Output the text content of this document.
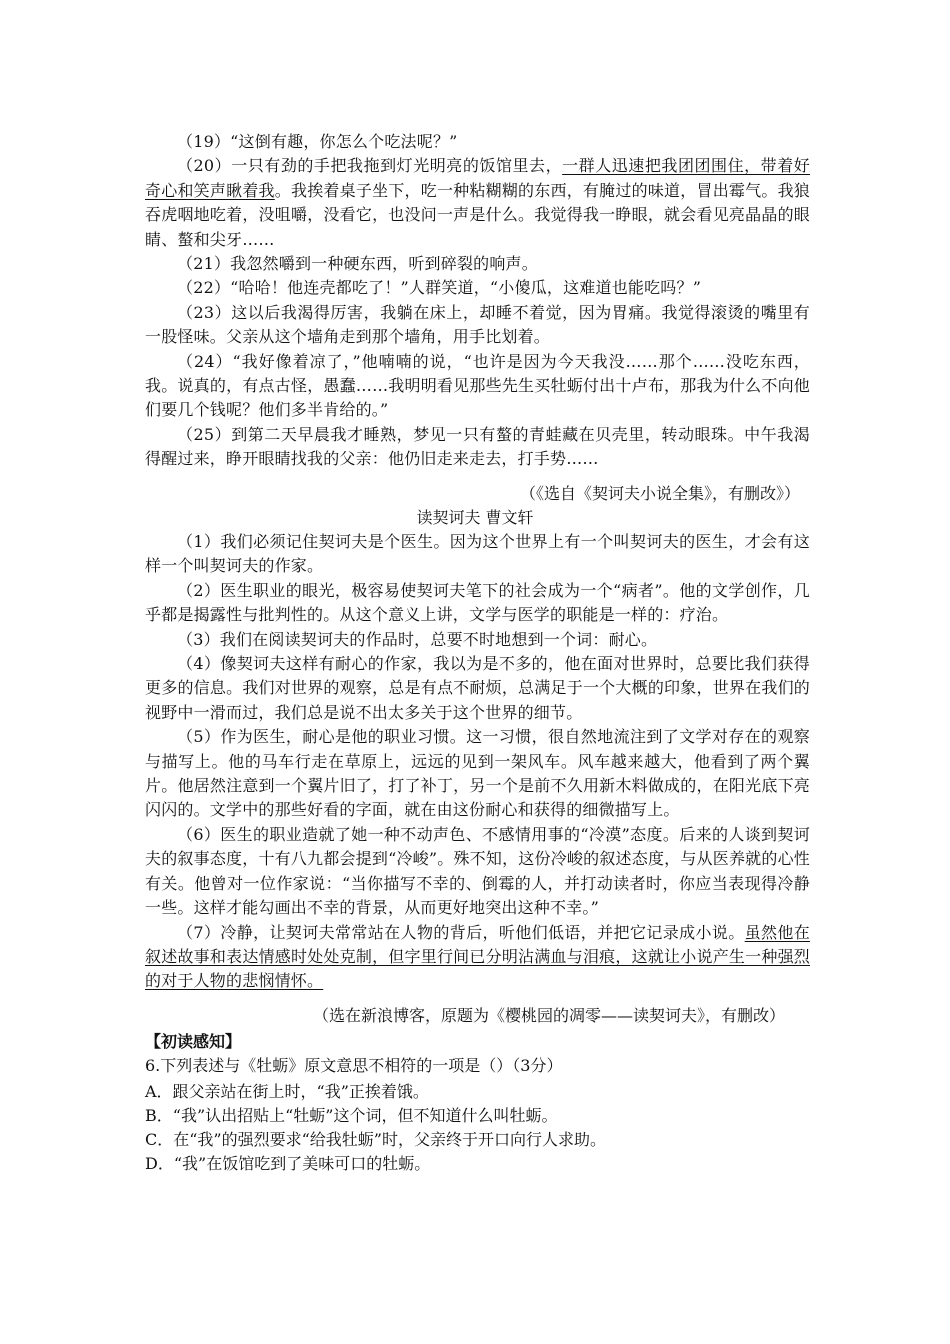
（19）“这倒有趣，你怎么个吃法呢？”

（20）一只有劲的手把我拖到灯光明亮的饭馆里去，一群人迅速把我团团围住，带着好奇心和笑声瞅着我。我挨着桌子坐下，吃一种粘糊糊的东西，有腌过的味道，冒出霉气。我狼吞虎咽地吃着，没咀嚼，没看它，也没问一声是什么。我觉得我一睁眼，就会看见亮晶晶的眼睛、螯和尖牙……

（21）我忽然嚼到一种硬东西，听到碎裂的响声。

（22）“哈哈！他连壳都吃了！”人群笑道，“小傻瓜，这难道也能吃吗？”

（23）这以后我渴得厉害，我躺在床上，却睡不着觉，因为胃痛。我觉得滚烫的嘴里有一股怪味。父亲从这个墙角走到那个墙角，用手比划着。

（24）“我好像着凉了，”他喃喃的说，“也许是因为今天我没……那个……没吃东西，我。说真的，有点古怪，愚蠢……我明明看见那些先生买牡蛎付出十卢布，那我为什么不向他们要几个钱呢？他们多半肯给的。”

（25）到第二天早晨我才睡熟，梦见一只有螯的青蛙藏在贝壳里，转动眼珠。中午我渴得醒过来，睁开眼睛找我的父亲：他仍旧走来走去，打手势……

（《选自《契诃夫小说全集》，有删改》）
读契诃夫 曹文轩

（1）我们必须记住契诃夫是个医生。因为这个世界上有一个叫契诃夫的医生，才会有这样一个叫契诃夫的作家。

（2）医生职业的眼光，极容易使契诃夫笔下的社会成为一个“病者”。他的文学创作，几乎都是揭露性与批判性的。从这个意义上讲，文学与医学的职能是一样的：疗治。

（3）我们在阅读契诃夫的作品时，总要不时地想到一个词：耐心。

（4）像契诃夫这样有耐心的作家，我以为是不多的，他在面对世界时，总要比我们获得更多的信息。我们对世界的观察，总是有点不耐烦，总满足于一个大概的印象，世界在我们的视野中一滑而过，我们总是说不出太多关于这个世界的细节。

（5）作为医生，耐心是他的职业习惯。这一习惯，很自然地流注到了文学对存在的观察与描写上。他的马车行走在草原上，远远的见到一架风车。风车越来越大，他看到了两个翼片。他居然注意到一个翼片旧了，打了补丁，另一个是前不久用新木料做成的，在阳光底下亮闪闪的。文学中的那些好看的字面，就在由这份耐心和获得的细微描写上。

（6）医生的职业造就了她一种不动声色、不感情用事的“冷漠”态度。后来的人谈到契诃夫的叙事态度，十有八九都会提到“冷峻”。殊不知，这份冷峻的叙述态度，与从医养就的心性有关。他曾对一位作家说：“当你描写不幸的、倒霉的人，并打动读者时，你应当表现得冷静一些。这样才能勾画出不幸的背景，从而更好地突出这种不幸。”

（7）冷静，让契诃夫常常站在人物的背后，听他们低语，并把它记录成小说。虽然他在叙述故事和表达情感时处处克制，但字里行间已分明沾满血与泪痕，这就让小说产生一种强烈的对于人物的悲悯情怀。

（选在新浪博客，原题为《樱桃园的凋零——读契诃夫》，有删改）
【初读感知】
6.下列表述与《牡蛎》原文意思不相符的一项是（）（3分）
A．跟父亲站在街上时，“我”正挨着饿。
B．“我”认出招贴上“牡蛎”这个词，但不知道什么叫牡蛎。
C．在“我”的强烈要求“给我牡蛎”时，父亲终于开口向行人求助。
D．“我”在饭馆吃到了美味可口的牡蛎。
